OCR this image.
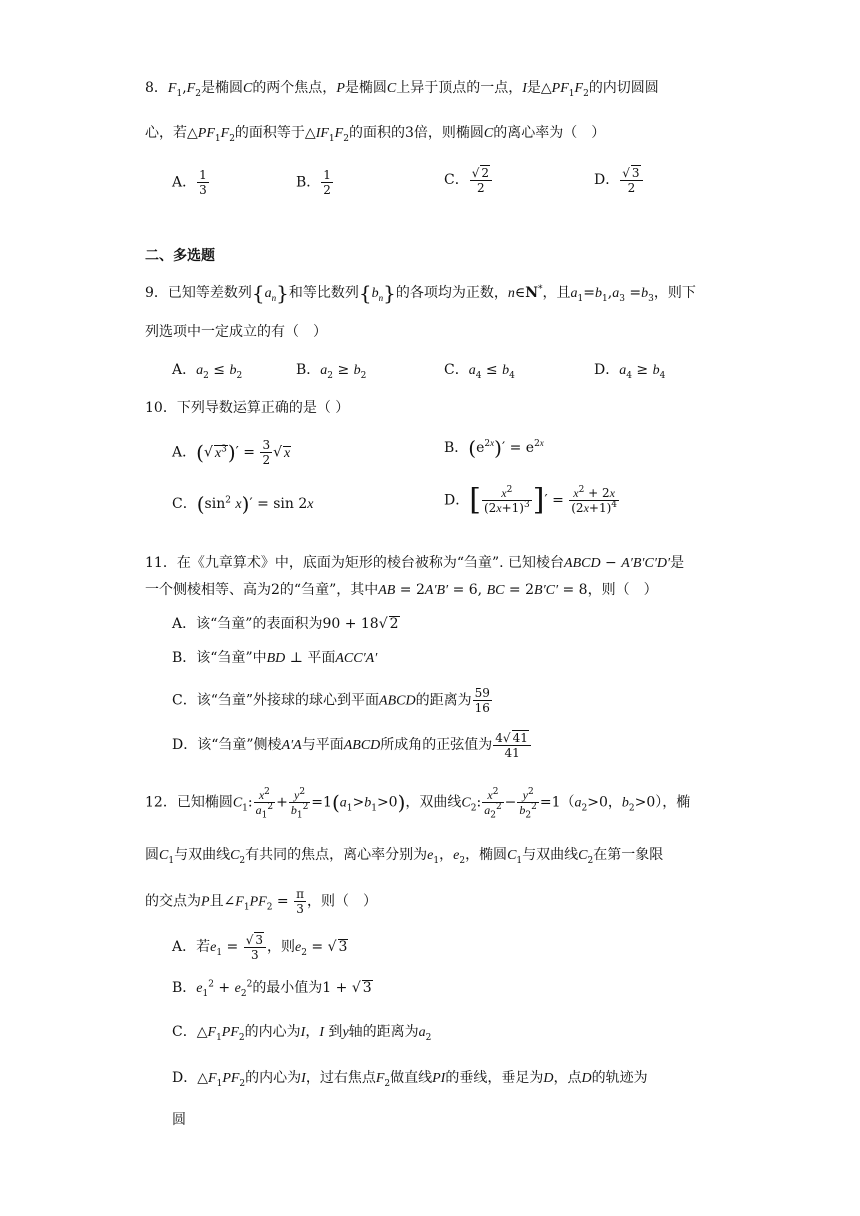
8．$F_1,F_2$是椭圆C的两个焦点，P是椭圆C上异于顶点的一点，I是$\triangle PF_1F_2$的内切圆圆
心，若$\triangle PF_1F_2$的面积等于$\triangle IF_1F_2$的面积的3倍，则椭圆C的离心率为（　）
A． $\frac{1}{3}$	B． $\frac{1}{2}$	C． $\frac{√ 2}{2}$	D． $\frac{√ 3}{2}$
二、多选题
9．已知等差数列$\{a_n\}$和等比数列$\{b_n\}$的各项均为正数，n∈N*，且$a_1=b_1,a_3 =b_3$，则下
列选项中一定成立的有（　）
A．$a_2 \le b_2$	B．$a_2 \ge b_2$	C．$a_4 \le b_4$	D．$a_4 \ge b_4$
10．下列导数运算正确的是（ ）
A．(√ $x^3)' = \frac{3}{2}$ √ x	B．$(e^{2x})' = e^{2x}$
C．($\sin^2$ x)′ = sin 2x	D．[ $\frac{x^2}{(2x+1)^3}$ ]′ = $\frac{x^2 + 2x}{(2x+1)^4}$
11．在《九章算术》中，底面为矩形的棱台被称为“刍童”. 已知棱台ABCD − A′B′C′D′是
一个侧棱相等、高为2的“刍童”，其中AB = 2A′B′ = 6, BC = 2B′C′ = 8，则（　）
A．该“刍童”的表面积为90 + 18√ 2
B．该“刍童”中BD ⊥ 平面ACC′A′
C．该“刍童”外接球的球心到平面ABCD的距离为 $\frac{59}{16}$
D．该“刍童”侧棱A′A与平面ABCD所成角的正弦值为 $\frac{4√ 41}{41}$
12．已知椭圆$C_1$: $\frac{x^2}{a_1^2} + \frac{y^2}{b_1^2} =1(a_1>b_1>0)$，双曲线$C_2$: $\frac{x^2}{a_2^2} - \frac{y^2}{b_2^2} =1(a_2>0$，$b_2>0$），椭
圆$C_1$与双曲线$C_2$有共同的焦点，离心率分别为$e_1$，$e_2$，椭圆$C_1$与双曲线$C_2$在第一象限
的交点为P且$\angle F_1PF_2 = \frac{\pi}{3}$ ，则（　）
A．若$e_1 = \frac{√ 3}{3}$ ，则$e_2$ = √ 3
B．$e_1^2 + e_2^2$的最小值为1 + √ 3
C．$\triangle F_1PF_2$的内心为I，I 到y轴的距离为$a_2$
D．$\triangle F_1PF_2$的内心为I，过右焦点$F_2$做直线PI的垂线，垂足为D，点D的轨迹为
圆
